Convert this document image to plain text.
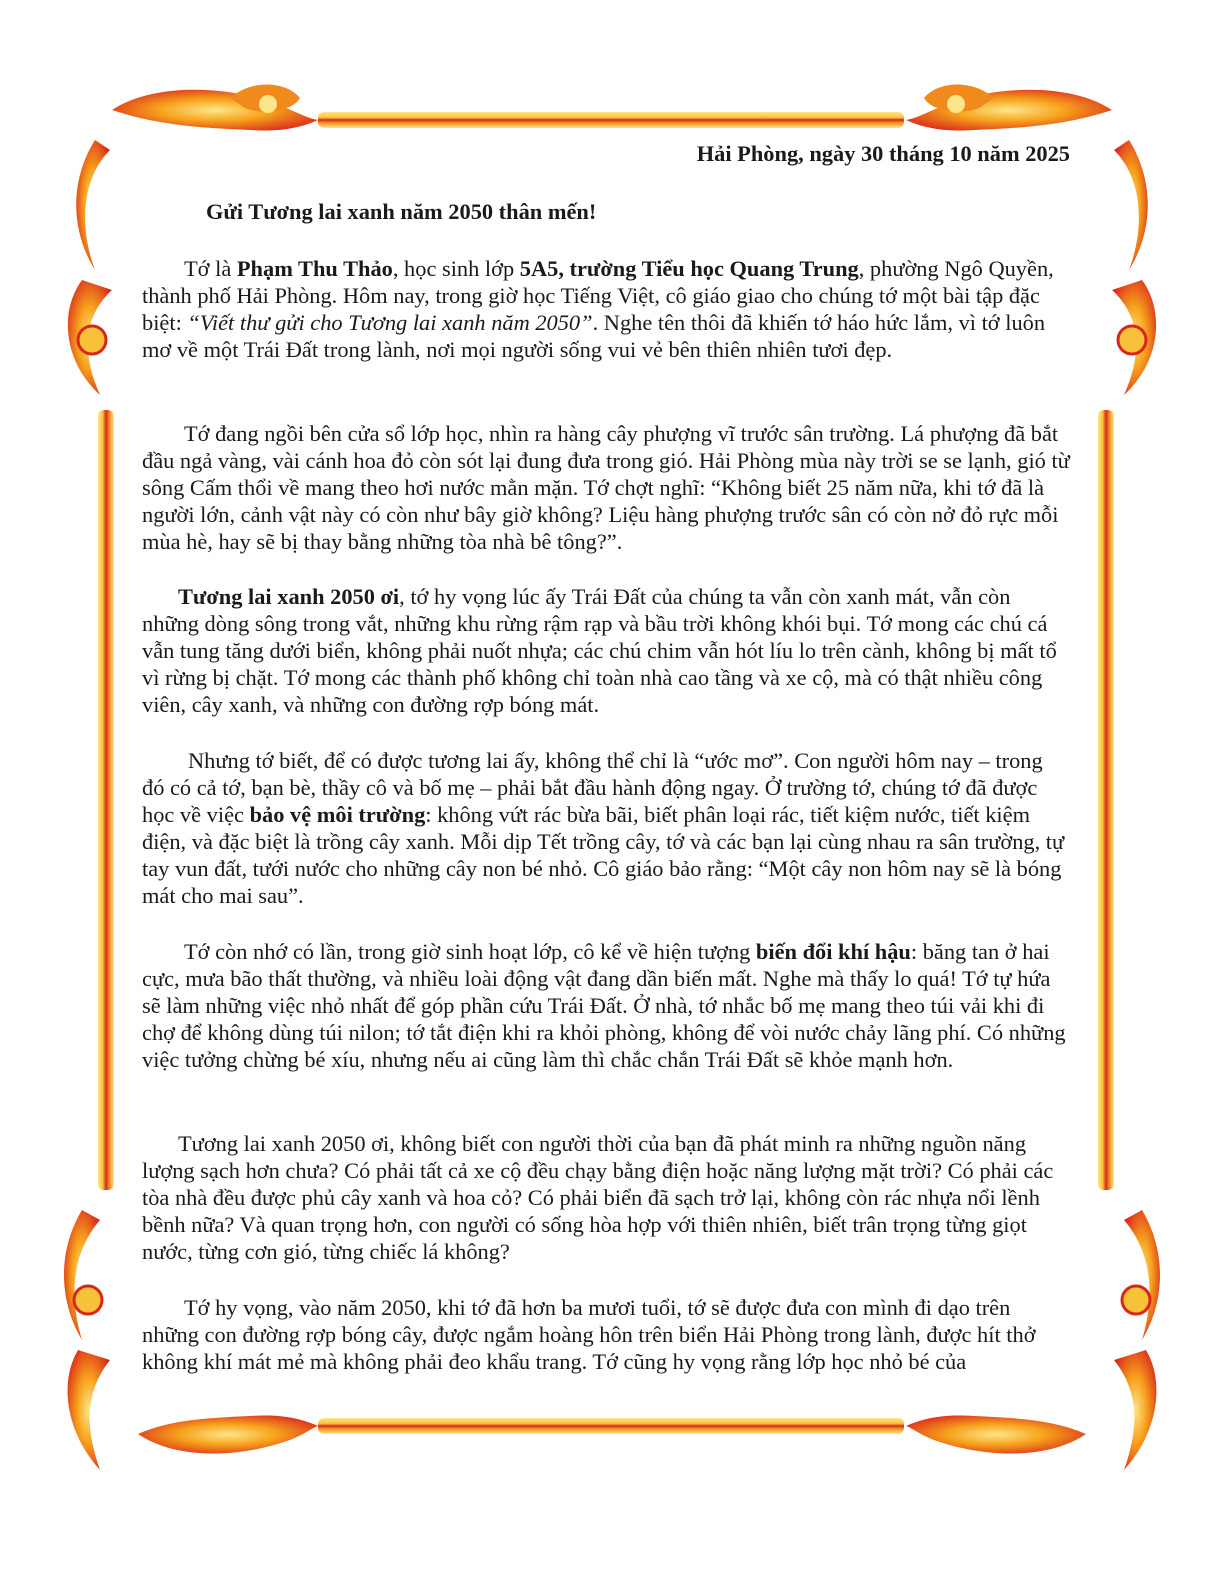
Hải Phòng, ngày 30 tháng 10 năm 2025

Gửi Tương lai xanh năm 2050 thân mến!

Tớ là Phạm Thu Thảo, học sinh lớp 5A5, trường Tiểu học Quang Trung, phường Ngô Quyền, thành phố Hải Phòng. Hôm nay, trong giờ học Tiếng Việt, cô giáo giao cho chúng tớ một bài tập đặc biệt: “Viết thư gửi cho Tương lai xanh năm 2050”. Nghe tên thôi đã khiến tớ háo hức lắm, vì tớ luôn mơ về một Trái Đất trong lành, nơi mọi người sống vui vẻ bên thiên nhiên tươi đẹp.

Tớ đang ngồi bên cửa sổ lớp học, nhìn ra hàng cây phượng vĩ trước sân trường. Lá phượng đã bắt đầu ngả vàng, vài cánh hoa đỏ còn sót lại đung đưa trong gió. Hải Phòng mùa này trời se se lạnh, gió từ sông Cấm thổi về mang theo hơi nước mằn mặn. Tớ chợt nghĩ: “Không biết 25 năm nữa, khi tớ đã là người lớn, cảnh vật này có còn như bây giờ không? Liệu hàng phượng trước sân có còn nở đỏ rực mỗi mùa hè, hay sẽ bị thay bằng những tòa nhà bê tông?”.

Tương lai xanh 2050 ơi, tớ hy vọng lúc ấy Trái Đất của chúng ta vẫn còn xanh mát, vẫn còn những dòng sông trong vắt, những khu rừng rậm rạp và bầu trời không khói bụi. Tớ mong các chú cá vẫn tung tăng dưới biển, không phải nuốt nhựa; các chú chim vẫn hót líu lo trên cành, không bị mất tổ vì rừng bị chặt. Tớ mong các thành phố không chỉ toàn nhà cao tầng và xe cộ, mà có thật nhiều công viên, cây xanh, và những con đường rợp bóng mát.

Nhưng tớ biết, để có được tương lai ấy, không thể chỉ là “ước mơ”. Con người hôm nay – trong đó có cả tớ, bạn bè, thầy cô và bố mẹ – phải bắt đầu hành động ngay. Ở trường tớ, chúng tớ đã được học về việc bảo vệ môi trường: không vứt rác bừa bãi, biết phân loại rác, tiết kiệm nước, tiết kiệm điện, và đặc biệt là trồng cây xanh. Mỗi dịp Tết trồng cây, tớ và các bạn lại cùng nhau ra sân trường, tự tay vun đất, tưới nước cho những cây non bé nhỏ. Cô giáo bảo rằng: “Một cây non hôm nay sẽ là bóng mát cho mai sau”.

Tớ còn nhớ có lần, trong giờ sinh hoạt lớp, cô kể về hiện tượng biến đổi khí hậu: băng tan ở hai cực, mưa bão thất thường, và nhiều loài động vật đang dần biến mất. Nghe mà thấy lo quá! Tớ tự hứa sẽ làm những việc nhỏ nhất để góp phần cứu Trái Đất. Ở nhà, tớ nhắc bố mẹ mang theo túi vải khi đi chợ để không dùng túi nilon; tớ tắt điện khi ra khỏi phòng, không để vòi nước chảy lãng phí. Có những việc tưởng chừng bé xíu, nhưng nếu ai cũng làm thì chắc chắn Trái Đất sẽ khỏe mạnh hơn.

Tương lai xanh 2050 ơi, không biết con người thời của bạn đã phát minh ra những nguồn năng lượng sạch hơn chưa? Có phải tất cả xe cộ đều chạy bằng điện hoặc năng lượng mặt trời? Có phải các tòa nhà đều được phủ cây xanh và hoa cỏ? Có phải biển đã sạch trở lại, không còn rác nhựa nổi lềnh bềnh nữa? Và quan trọng hơn, con người có sống hòa hợp với thiên nhiên, biết trân trọng từng giọt nước, từng cơn gió, từng chiếc lá không?

Tớ hy vọng, vào năm 2050, khi tớ đã hơn ba mươi tuổi, tớ sẽ được đưa con mình đi dạo trên những con đường rợp bóng cây, được ngắm hoàng hôn trên biển Hải Phòng trong lành, được hít thở không khí mát mẻ mà không phải đeo khẩu trang. Tớ cũng hy vọng rằng lớp học nhỏ bé của
